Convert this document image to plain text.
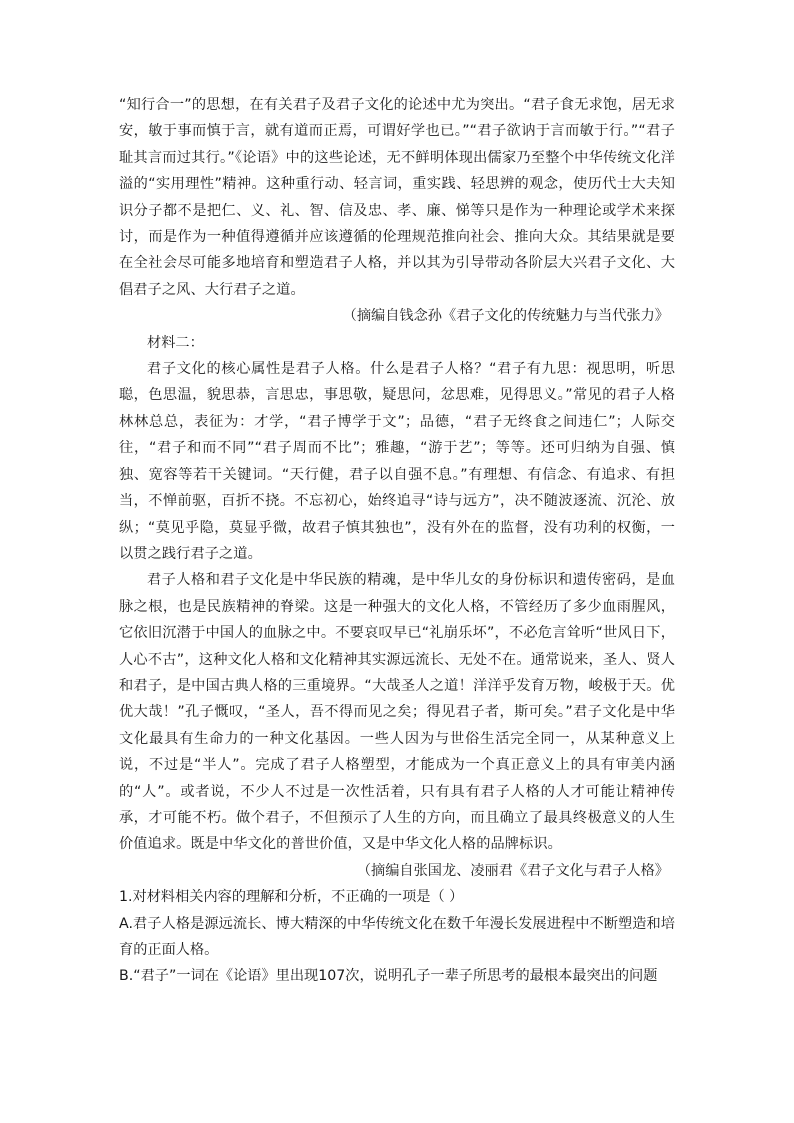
“知行合一”的思想，在有关君子及君子文化的论述中尤为突出。“君子食无求饱，居无求安，敏于事而慎于言，就有道而正焉，可谓好学也已。”“君子欲讷于言而敏于行。”“君子耻其言而过其行。”《论语》中的这些论述，无不鲜明体现出儒家乃至整个中华传统文化洋溢的“实用理性”精神。这种重行动、轻言词，重实践、轻思辨的观念，使历代士大夫知识分子都不是把仁、义、礼、智、信及忠、孝、廉、悌等只是作为一种理论或学术来探讨，而是作为一种值得遵循并应该遵循的伦理规范推向社会、推向大众。其结果就是要在全社会尽可能多地培育和塑造君子人格，并以其为引导带动各阶层大兴君子文化、大倡君子之风、大行君子之道。

（摘编自钱念孙《君子文化的传统魅力与当代张力》

材料二：

君子文化的核心属性是君子人格。什么是君子人格？“君子有九思：视思明，听思聪，色思温，貌思恭，言思忠，事思敬，疑思问，忿思难，见得思义。”常见的君子人格林林总总，表征为：才学，“君子博学于文”；品德，“君子无终食之间违仁”；人际交往，“君子和而不同”“君子周而不比”；雅趣，“游于艺”；等等。还可归纳为自强、慎独、宽容等若干关键词。“天行健，君子以自强不息。”有理想、有信念、有追求、有担当，不惮前驱，百折不挠。不忘初心，始终追寻“诗与远方”，决不随波逐流、沉沦、放纵；“莫见乎隐，莫显乎微，故君子慎其独也”，没有外在的监督，没有功利的权衡，一以贯之践行君子之道。

君子人格和君子文化是中华民族的精魂，是中华儿女的身份标识和遗传密码，是血脉之根，也是民族精神的脊梁。这是一种强大的文化人格，不管经历了多少血雨腥风，它依旧沉潜于中国人的血脉之中。不要哀叹早已“礼崩乐坏”，不必危言耸听“世风日下，人心不古”，这种文化人格和文化精神其实源远流长、无处不在。通常说来，圣人、贤人和君子，是中国古典人格的三重境界。“大哉圣人之道！洋洋乎发育万物，峻极于天。优优大哉！”孔子慨叹，“圣人，吾不得而见之矣；得见君子者，斯可矣。”君子文化是中华文化最具有生命力的一种文化基因。一些人因为与世俗生活完全同一，从某种意义上说，不过是“半人”。完成了君子人格塑型，才能成为一个真正意义上的具有审美内涵的“人”。或者说，不少人不过是一次性活着，只有具有君子人格的人才可能让精神传承，才可能不朽。做个君子，不但预示了人生的方向，而且确立了最具终极意义的人生价值追求。既是中华文化的普世价值，又是中华文化人格的品牌标识。

（摘编自张国龙、凌丽君《君子文化与君子人格》

1.对材料相关内容的理解和分析，不正确的一项是（ ）

A.君子人格是源远流长、博大精深的中华传统文化在数千年漫长发展进程中不断塑造和培育的正面人格。

B.“君子”一词在《论语》里出现107次，说明孔子一辈子所思考的最根本最突出的问题
